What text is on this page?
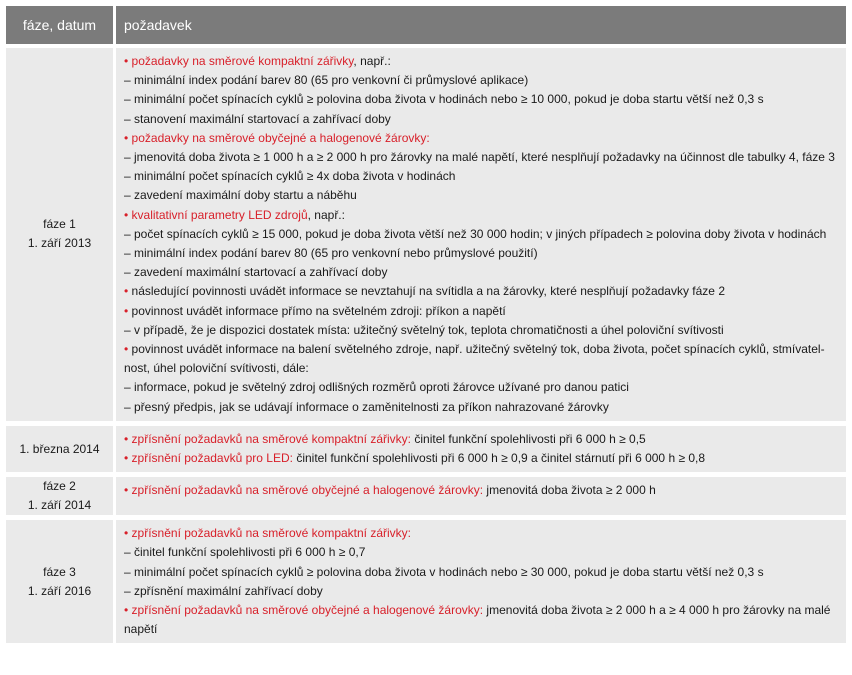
fáze, datum	požadavek
fáze 1
1. září 2013
• požadavky na směrové kompaktní zářivky, např.:
– minimální index podání barev 80 (65 pro venkovní či průmyslové aplikace)
– minimální počet spínacích cyklů ≥ polovina doba života v hodinách nebo ≥ 10 000, pokud je doba startu větší než 0,3 s
– stanovení maximální startovací a zahřívací doby
• požadavky na směrové obyčejné a halogenové žárovky:
– jmenovitá doba života ≥ 1 000 h a ≥ 2 000 h pro žárovky na malé napětí, které nesplňují požadavky na účinnost dle tabulky 4, fáze 3
– minimální počet spínacích cyklů ≥ 4x doba života v hodinách
– zavedení maximální doby startu a náběhu
• kvalitativní parametry LED zdrojů, např.:
– počet spínacích cyklů ≥ 15 000, pokud je doba života větší než 30 000 hodin; v jiných případech ≥ polovina doby života v hodinách
– minimální index podání barev 80 (65 pro venkovní nebo průmyslové použití)
– zavedení maximální startovací a zahřívací doby
• následující povinnosti uvádět informace se nevztahují na svítidla a na žárovky, které nesplňují požadavky fáze 2
• povinnost uvádět informace přímo na světelném zdroji: příkon a napětí
– v případě, že je dispozici dostatek místa: užitečný světelný tok, teplota chromatičnosti a úhel poloviční svítivosti
• povinnost uvádět informace na balení světelného zdroje, např. užitečný světelný tok, doba života, počet spínacích cyklů, stmívatel-
nost, úhel poloviční svítivosti, dále:
– informace, pokud je světelný zdroj odlišných rozměrů oproti žárovce užívané pro danou patici
– přesný předpis, jak se udávají informace o zaměnitelnosti za příkon nahrazované žárovky
1. března 2014
• zpřísnění požadavků na směrové kompaktní zářivky: činitel funkční spolehlivosti při 6 000 h ≥ 0,5
• zpřísnění požadavků pro LED: činitel funkční spolehlivosti při 6 000 h ≥ 0,9 a činitel stárnutí při 6 000 h ≥ 0,8
fáze 2
1. září 2014
• zpřísnění požadavků na směrové obyčejné a halogenové žárovky: jmenovitá doba života ≥ 2 000 h
fáze 3
1. září 2016
• zpřísnění požadavků na směrové kompaktní zářivky:
– činitel funkční spolehlivosti při 6 000 h ≥ 0,7
– minimální počet spínacích cyklů ≥ polovina doba života v hodinách nebo ≥ 30 000, pokud je doba startu větší než 0,3 s
– zpřísnění maximální zahřívací doby
• zpřísnění požadavků na směrové obyčejné a halogenové žárovky: jmenovitá doba života ≥ 2 000 h a ≥ 4 000 h pro žárovky na malé napětí
